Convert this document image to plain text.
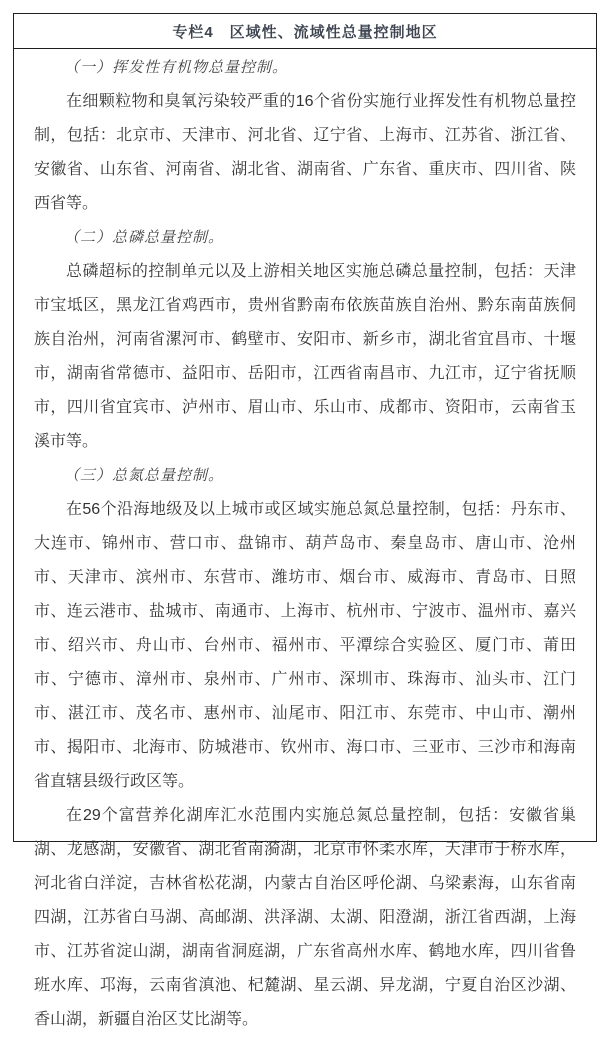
专栏4　区域性、流域性总量控制地区

（一）挥发性有机物总量控制。

在细颗粒物和臭氧污染较严重的16个省份实施行业挥发性有机物总量控制，包括：北京市、天津市、河北省、辽宁省、上海市、江苏省、浙江省、安徽省、山东省、河南省、湖北省、湖南省、广东省、重庆市、四川省、陕西省等。

（二）总磷总量控制。

总磷超标的控制单元以及上游相关地区实施总磷总量控制，包括：天津市宝坻区，黑龙江省鸡西市，贵州省黔南布依族苗族自治州、黔东南苗族侗族自治州，河南省漯河市、鹤壁市、安阳市、新乡市，湖北省宜昌市、十堰市，湖南省常德市、益阳市、岳阳市，江西省南昌市、九江市，辽宁省抚顺市，四川省宜宾市、泸州市、眉山市、乐山市、成都市、资阳市，云南省玉溪市等。

（三）总氮总量控制。

在56个沿海地级及以上城市或区域实施总氮总量控制，包括：丹东市、大连市、锦州市、营口市、盘锦市、葫芦岛市、秦皇岛市、唐山市、沧州市、天津市、滨州市、东营市、潍坊市、烟台市、威海市、青岛市、日照市、连云港市、盐城市、南通市、上海市、杭州市、宁波市、温州市、嘉兴市、绍兴市、舟山市、台州市、福州市、平潭综合实验区、厦门市、莆田市、宁德市、漳州市、泉州市、广州市、深圳市、珠海市、汕头市、江门市、湛江市、茂名市、惠州市、汕尾市、阳江市、东莞市、中山市、潮州市、揭阳市、北海市、防城港市、钦州市、海口市、三亚市、三沙市和海南省直辖县级行政区等。

在29个富营养化湖库汇水范围内实施总氮总量控制，包括：安徽省巢湖、龙感湖，安徽省、湖北省南漪湖，北京市怀柔水库，天津市于桥水库，河北省白洋淀，吉林省松花湖，内蒙古自治区呼伦湖、乌梁素海，山东省南四湖，江苏省白马湖、高邮湖、洪泽湖、太湖、阳澄湖，浙江省西湖，上海市、江苏省淀山湖，湖南省洞庭湖，广东省高州水库、鹤地水库，四川省鲁班水库、邛海，云南省滇池、杞麓湖、星云湖、异龙湖，宁夏自治区沙湖、香山湖，新疆自治区艾比湖等。
